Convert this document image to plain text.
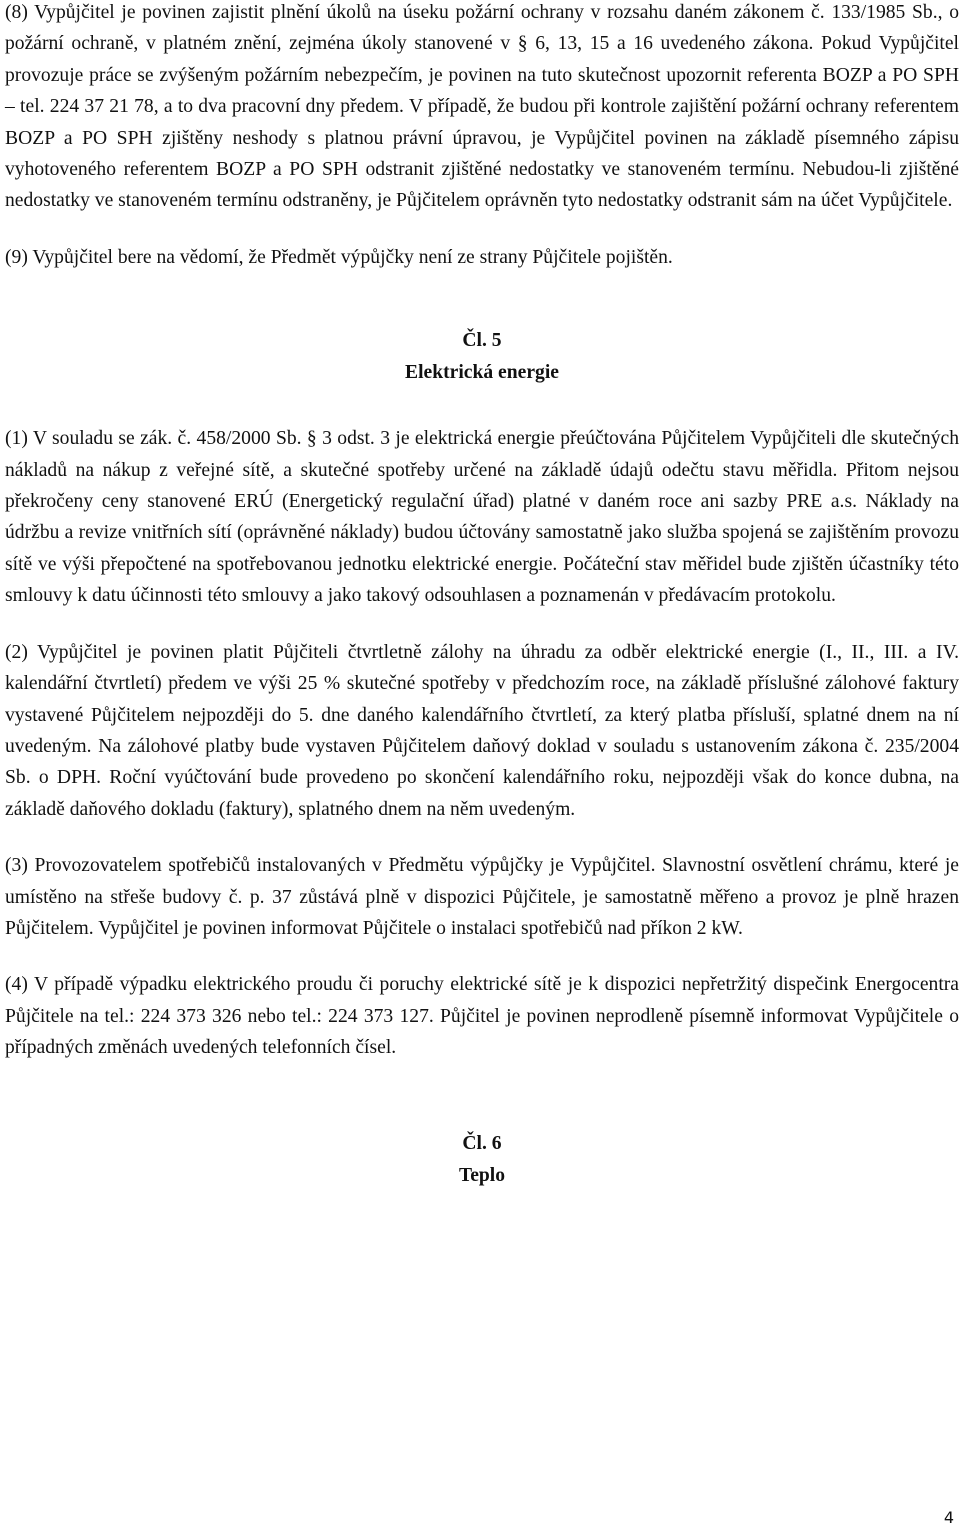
(8) Vypůjčitel je povinen zajistit plnění úkolů na úseku požární ochrany v rozsahu daném zákonem č. 133/1985 Sb., o požární ochraně, v platném znění, zejména úkoly stanovené v § 6, 13, 15 a 16 uvedeného zákona. Pokud Vypůjčitel provozuje práce se zvýšeným požárním nebezpečím, je povinen na tuto skutečnost upozornit referenta BOZP a PO SPH – tel. 224 37 21 78, a to dva pracovní dny předem. V případě, že budou při kontrole zajištění požární ochrany referentem BOZP a PO SPH zjištěny neshody s platnou právní úpravou, je Vypůjčitel povinen na základě písemného zápisu vyhotoveného referentem BOZP a PO SPH odstranit zjištěné nedostatky ve stanoveném termínu. Nebudou-li zjištěné nedostatky ve stanoveném termínu odstraněny, je Půjčitelem oprávněn tyto nedostatky odstranit sám na účet Vypůjčitele.

(9) Vypůjčitel bere na vědomí, že Předmět výpůjčky není ze strany Půjčitele pojištěn.

Čl. 5

Elektrická energie

(1) V souladu se zák. č. 458/2000 Sb. § 3 odst. 3 je elektrická energie přeúčtována Půjčitelem Vypůjčiteli dle skutečných nákladů na nákup z veřejné sítě, a skutečné spotřeby určené na základě údajů odečtu stavu měřidla. Přitom nejsou překročeny ceny stanovené ERÚ (Energetický regulační úřad) platné v daném roce ani sazby PRE a.s. Náklady na údržbu a revize vnitřních sítí (oprávněné náklady) budou účtovány samostatně jako služba spojená se zajištěním provozu sítě ve výši přepočtené na spotřebovanou jednotku elektrické energie. Počáteční stav měřidel bude zjištěn účastníky této smlouvy k datu účinnosti této smlouvy a jako takový odsouhlasen a poznamenán v předávacím protokolu.

(2) Vypůjčitel je povinen platit Půjčiteli čtvrtletně zálohy na úhradu za odběr elektrické energie (I., II., III. a IV. kalendářní čtvrtletí) předem ve výši 25 % skutečné spotřeby v předchozím roce, na základě příslušné zálohové faktury vystavené Půjčitelem nejpozději do 5. dne daného kalendářního čtvrtletí, za který platba přísluší, splatné dnem na ní uvedeným. Na zálohové platby bude vystaven Půjčitelem daňový doklad v souladu s ustanovením zákona č. 235/2004 Sb. o DPH. Roční vyúčtování bude provedeno po skončení kalendářního roku, nejpozději však do konce dubna, na základě daňového dokladu (faktury), splatného dnem na něm uvedeným.

(3) Provozovatelem spotřebičů instalovaných v Předmětu výpůjčky je Vypůjčitel. Slavnostní osvětlení chrámu, které je umístěno na střeše budovy č. p. 37 zůstává plně v dispozici Půjčitele, je samostatně měřeno a provoz je plně hrazen Půjčitelem. Vypůjčitel je povinen informovat Půjčitele o instalaci spotřebičů nad příkon 2 kW.

(4) V případě výpadku elektrického proudu či poruchy elektrické sítě je k dispozici nepřetržitý dispečink Energocentra Půjčitele na tel.: 224 373 326 nebo tel.: 224 373 127. Půjčitel je povinen neprodleně písemně informovat Vypůjčitele o případných změnách uvedených telefonních čísel.

Čl. 6

Teplo

4
